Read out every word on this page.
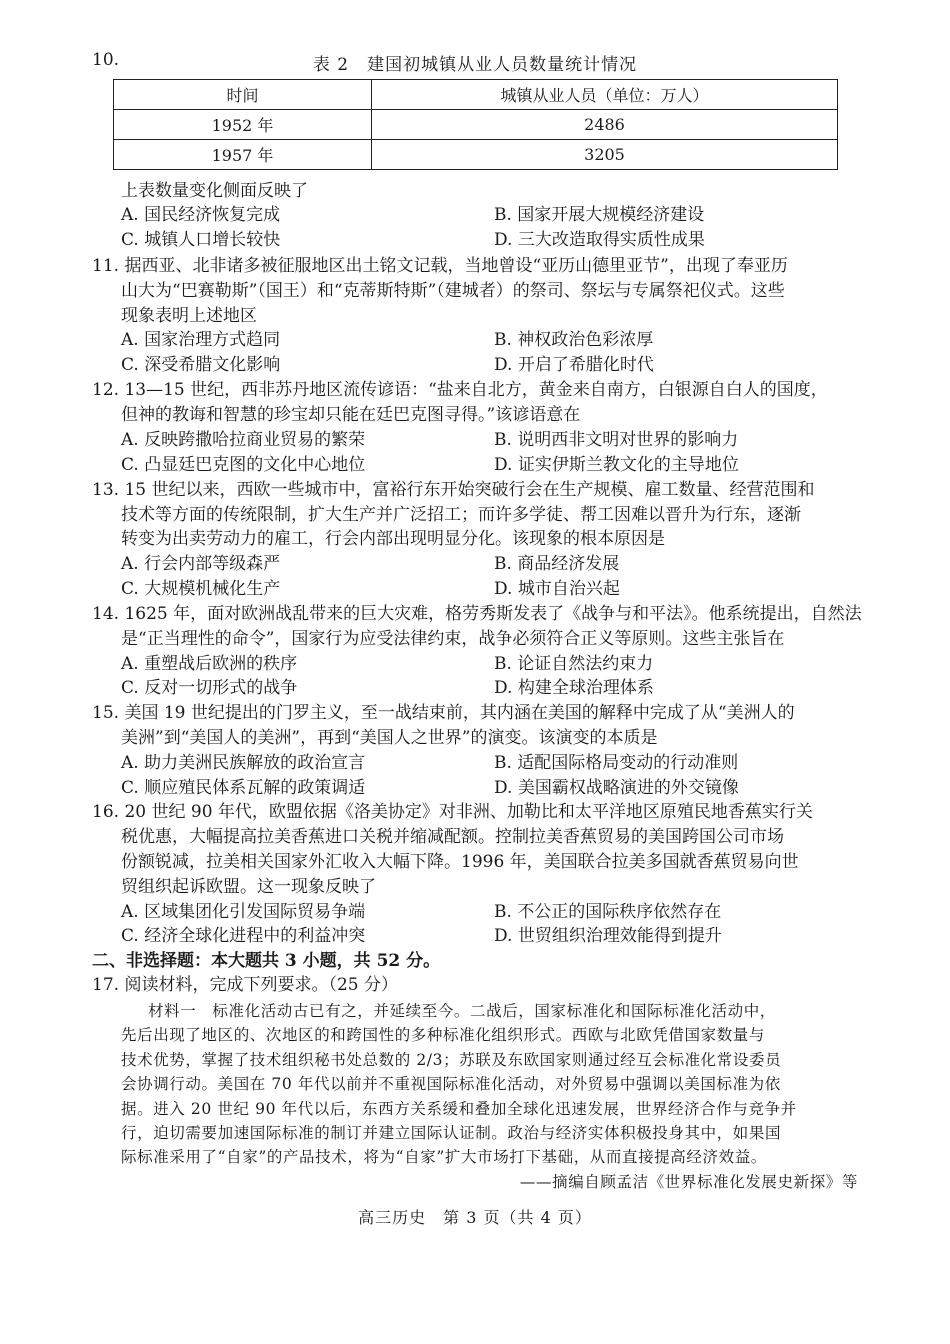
10.	表 2　建国初城镇从业人员数量统计情况
时间	城镇从业人员（单位：万人）
1952 年	2486
1957 年	3205
上表数量变化侧面反映了
A. 国民经济恢复完成	B. 国家开展大规模经济建设
C. 城镇人口增长较快	D. 三大改造取得实质性成果
11. 据西亚、北非诸多被征服地区出土铭文记载，当地曾设“亚历山德里亚节”，出现了奉亚历
山大为“巴赛勒斯”（国王）和“克蒂斯特斯”（建城者）的祭司、祭坛与专属祭祀仪式。这些
现象表明上述地区
A. 国家治理方式趋同	B. 神权政治色彩浓厚
C. 深受希腊文化影响	D. 开启了希腊化时代
12. 13—15 世纪，西非苏丹地区流传谚语：“盐来自北方，黄金来自南方，白银源自白人的国度，
但神的教诲和智慧的珍宝却只能在廷巴克图寻得。”该谚语意在
A. 反映跨撒哈拉商业贸易的繁荣	B. 说明西非文明对世界的影响力
C. 凸显廷巴克图的文化中心地位	D. 证实伊斯兰教文化的主导地位
13. 15 世纪以来，西欧一些城市中，富裕行东开始突破行会在生产规模、雇工数量、经营范围和
技术等方面的传统限制，扩大生产并广泛招工；而许多学徒、帮工因难以晋升为行东，逐渐
转变为出卖劳动力的雇工，行会内部出现明显分化。该现象的根本原因是
A. 行会内部等级森严	B. 商品经济发展
C. 大规模机械化生产	D. 城市自治兴起
14. 1625 年，面对欧洲战乱带来的巨大灾难，格劳秀斯发表了《战争与和平法》。他系统提出，自然法
是“正当理性的命令”，国家行为应受法律约束，战争必须符合正义等原则。这些主张旨在
A. 重塑战后欧洲的秩序	B. 论证自然法约束力
C. 反对一切形式的战争	D. 构建全球治理体系
15. 美国 19 世纪提出的门罗主义，至一战结束前，其内涵在美国的解释中完成了从“美洲人的
美洲”到“美国人的美洲”，再到“美国人之世界”的演变。该演变的本质是
A. 助力美洲民族解放的政治宣言	B. 适配国际格局变动的行动准则
C. 顺应殖民体系瓦解的政策调适	D. 美国霸权战略演进的外交镜像
16. 20 世纪 90 年代，欧盟依据《洛美协定》对非洲、加勒比和太平洋地区原殖民地香蕉实行关
税优惠，大幅提高拉美香蕉进口关税并缩减配额。控制拉美香蕉贸易的美国跨国公司市场
份额锐减，拉美相关国家外汇收入大幅下降。1996 年，美国联合拉美多国就香蕉贸易向世
贸组织起诉欧盟。这一现象反映了
A. 区域集团化引发国际贸易争端	B. 不公正的国际秩序依然存在
C. 经济全球化进程中的利益冲突	D. 世贸组织治理效能得到提升
二、非选择题：本大题共 3 小题，共 52 分。
17. 阅读材料，完成下列要求。（25 分）
材料一　标准化活动古已有之，并延续至今。二战后，国家标准化和国际标准化活动中，
先后出现了地区的、次地区的和跨国性的多种标准化组织形式。西欧与北欧凭借国家数量与
技术优势，掌握了技术组织秘书处总数的 2/3；苏联及东欧国家则通过经互会标准化常设委员
会协调行动。美国在 70 年代以前并不重视国际标准化活动，对外贸易中强调以美国标准为依
据。进入 20 世纪 90 年代以后，东西方关系缓和叠加全球化迅速发展，世界经济合作与竞争并
行，迫切需要加速国际标准的制订并建立国际认证制。政治与经济实体积极投身其中，如果国
际标准采用了“自家”的产品技术，将为“自家”扩大市场打下基础，从而直接提高经济效益。
——摘编自顾孟洁《世界标准化发展史新探》等
高三历史　第 3 页（共 4 页）
